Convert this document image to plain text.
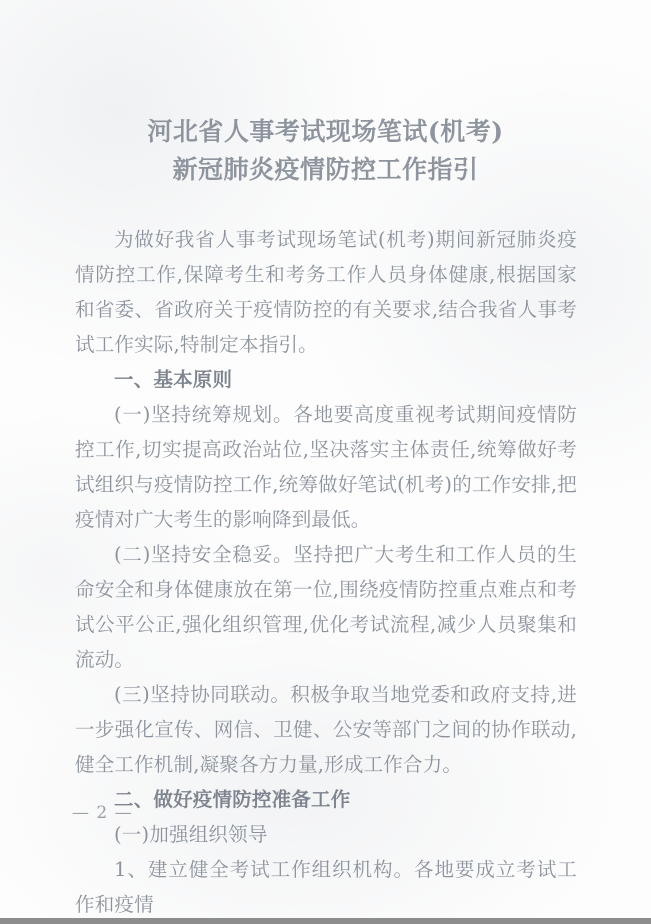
河北省人事考试现场笔试(机考)
新冠肺炎疫情防控工作指引

为做好我省人事考试现场笔试(机考)期间新冠肺炎疫情防控工作,保障考生和考务工作人员身体健康,根据国家和省委、省政府关于疫情防控的有关要求,结合我省人事考试工作实际,特制定本指引。

一、基本原则

(一)坚持统筹规划。各地要高度重视考试期间疫情防控工作,切实提高政治站位,坚决落实主体责任,统筹做好考试组织与疫情防控工作,统筹做好笔试(机考)的工作安排,把疫情对广大考生的影响降到最低。

(二)坚持安全稳妥。坚持把广大考生和工作人员的生命安全和身体健康放在第一位,围绕疫情防控重点难点和考试公平公正,强化组织管理,优化考试流程,减少人员聚集和流动。

(三)坚持协同联动。积极争取当地党委和政府支持,进一步强化宣传、网信、卫健、公安等部门之间的协作联动,健全工作机制,凝聚各方力量,形成工作合力。

二、做好疫情防控准备工作

(一)加强组织领导

1、建立健全考试工作组织机构。各地要成立考试工作和疫情

— 2 —
